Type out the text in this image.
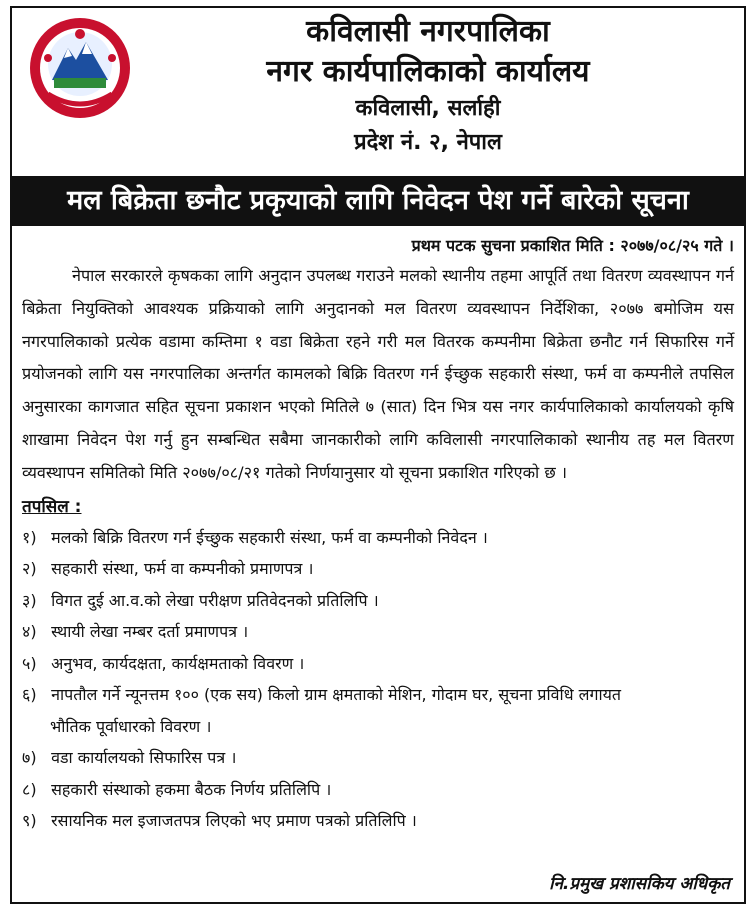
कविलासी नगरपालिका
नगर कार्यपालिकाको कार्यालय
कविलासी, सर्लाही
प्रदेश नं. २, नेपाल
मल बिक्रेता छनौट प्रकृयाको लागि निवेदन पेश गर्ने बारेको सूचना
प्रथम पटक सुचना प्रकाशित मिति : २०७७/०८/२५ गते ।

नेपाल सरकारले कृषकका लागि अनुदान उपलब्ध गराउने मलको स्थानीय तहमा आपूर्ति तथा वितरण व्यवस्थापन गर्न बिक्रेता नियुक्तिको आवश्यक प्रक्रियाको लागि अनुदानको मल वितरण व्यवस्थापन निर्देशिका, २०७७ बमोजिम यस नगरपालिकाको प्रत्येक वडामा कम्तिमा १ वडा बिक्रेता रहने गरी मल वितरक कम्पनीमा बिक्रेता छनौट गर्न सिफारिस गर्ने प्रयोजनको लागि यस नगरपालिका अन्तर्गत कामलको बिक्रि वितरण गर्न ईच्छुक सहकारी संस्था, फर्म वा कम्पनीले तपसिल अनुसारका कागजात सहित सूचना प्रकाशन भएको मितिले ७ (सात) दिन भित्र यस नगर कार्यपालिकाको कार्यालयको कृषि शाखामा निवेदन पेश गर्नु हुन सम्बन्धित सबैमा जानकारीको लागि कविलासी नगरपालिकाको स्थानीय तह मल वितरण व्यवस्थापन समितिको मिति २०७७/०८/२१ गतेको निर्णयानुसार यो सूचना प्रकाशित गरिएको छ ।

तपसिल :
१) मलको बिक्रि वितरण गर्न ईच्छुक सहकारी संस्था, फर्म वा कम्पनीको निवेदन ।
२) सहकारी संस्था, फर्म वा कम्पनीको प्रमाणपत्र ।
३) विगत दुई आ.व.को लेखा परीक्षण प्रतिवेदनको प्रतिलिपि ।
४) स्थायी लेखा नम्बर दर्ता प्रमाणपत्र ।
५) अनुभव, कार्यदक्षता, कार्यक्षमताको विवरण ।
६) नापतौल गर्ने न्यूनत्तम १०० (एक सय) किलो ग्राम क्षमताको मेशिन, गोदाम घर, सूचना प्रविधि लगायत
भौतिक पूर्वाधारको विवरण ।
७) वडा कार्यालयको सिफारिस पत्र ।
८) सहकारी संस्थाको हकमा बैठक निर्णय प्रतिलिपि ।
९) रसायनिक मल इजाजतपत्र लिएको भए प्रमाण पत्रको प्रतिलिपि ।
नि.प्रमुख प्रशासकिय अधिकृत
